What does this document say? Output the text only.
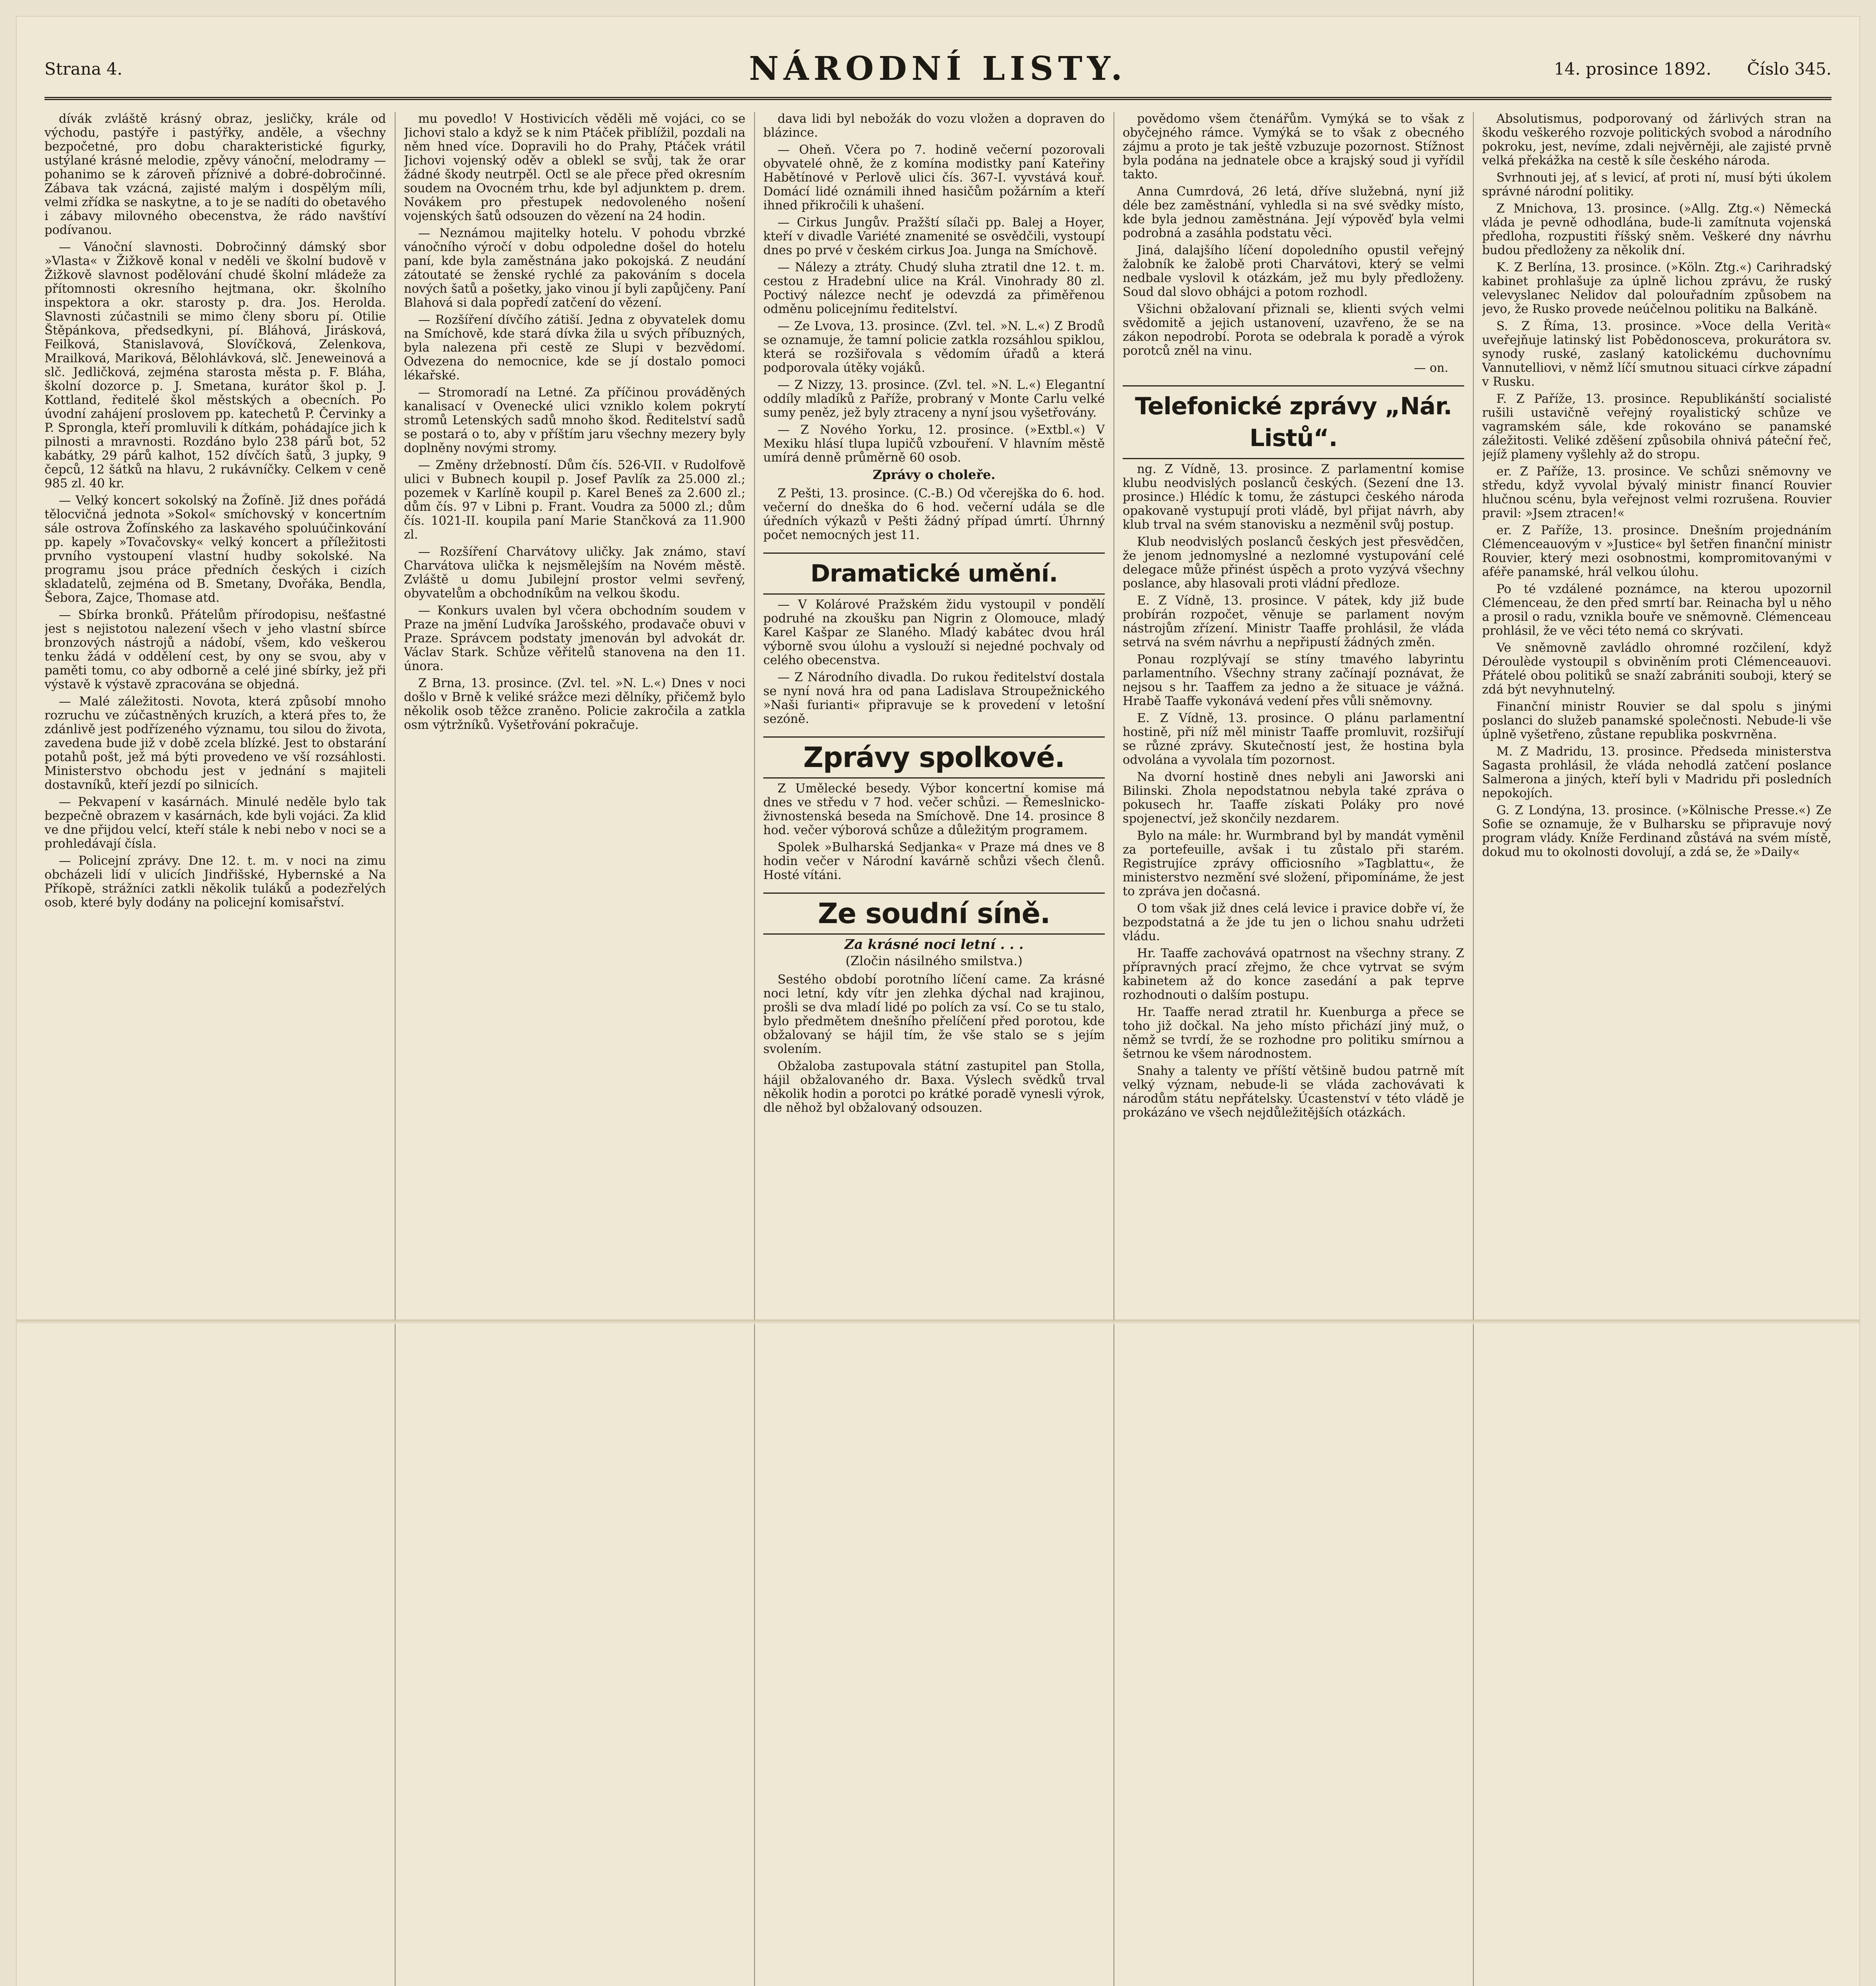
Strana 4.	NÁRODNÍ LISTY.	14. prosince 1892. Číslo 345.

dívák zvláště krásný obraz, jesličky, krále od východu, pastýře i pastýřky, anděle, a všechny bezpočetné, pro dobu charakteristické figurky, ustýlané krásné melodie, zpěvy vánoční, melodramy — pohanimo se k zároveň příznivé a dobré-dobročinné. Zábava tak vzácná, zajisté malým i dospělým míli, velmi zřídka se naskytne, a to je se nadíti do obetavého i zábavy milovného obecenstva, že rádo navštíví podívanou.

— Vánoční slavnosti. Dobročinný dámský sbor »Vlasta« v Žižkově konal v neděli ve školní budově v Žižkově slavnost podělování chudé školní mládeže za přítomnosti okresního hejtmana, okr. školního inspektora a okr. starosty p. dra. Jos. Herolda. Slavnosti zúčastnili se mimo členy sboru pí. Otilie Štěpánkova, předsedkyni, pí. Bláhová, Jirásková, Feilková, Stanislavová, Slovíčková, Zelenkova, Mrailková, Mariková, Bělohlávková, slč. Jeneweinová a slč. Jedličková, zejména starosta města p. F. Bláha, školní dozorce p. J. Smetana, kurátor škol p. J. Kottland, ředitelé škol městských a obecních. Po úvodní zahájení proslovem pp. katechetů P. Červinky a P. Sprongla, kteří promluvili k dítkám, pohádajíce jich k pilnosti a mravnosti. Rozdáno bylo 238 párů bot, 52 kabátky, 29 párů kalhot, 152 dívčích šatů, 3 jupky, 9 čepců, 12 šátků na hlavu, 2 rukávníčky. Celkem v ceně 985 zl. 40 kr.

— Velký koncert sokolský na Žofíně. Již dnes pořádá tělocvičná jednota »Sokol« smíchovský v koncertním sále ostrova Žofínského za laskavého spoluúčinkování pp. kapely »Tovačovsky« velký koncert a příležitosti prvního vystoupení vlastní hudby sokolské. Na programu jsou práce předních českých i cizích skladatelů, zejména od B. Smetany, Dvořáka, Bendla, Šebora, Zajce, Thomase atd.

— Sbírka bronků. Přátelům přírodopisu, nešťastné jest s nejistotou nalezení všech v jeho vlastní sbírce bronzových nástrojů a nádobí, všem, kdo veškerou tenku žádá v oddělení cest, by ony se svou, aby v paměti tomu, co aby odborně a celé jiné sbírky, jež při výstavě k výstavě zpracována se objedná.

— Malé záležitosti. Novota, která způsobí mnoho rozruchu ve zúčastněných kruzích, a která přes to, že zdánlivě jest podřízeného významu, tou silou do života, zavedena bude již v době zcela blízké. Jest to obstarání potahů pošt, jež má býti provedeno ve vší rozsáhlosti. Ministerstvo obchodu jest v jednání s majiteli dostavníků, kteří jezdí po silnicích.

— Pekvapení v kasárnách. Minulé neděle bylo tak bezpečně obrazem v kasárnách, kde byli vojáci. Za klid ve dne přijdou velcí, kteří stále k nebi nebo v noci se a prohledávají čísla.

— Policejní zprávy. Dne 12. t. m. v noci na zimu obcházeli lidí v ulicích Jindřišské, Hybernské a Na Příkopě, strážníci zatkli několik tuláků a podezřelých osob, které byly dodány na policejní komisařství.

mu povedlo! V Hostivicích věděli mě vojáci, co se Jichovi stalo a když se k nim Ptáček přiblížil, pozdali na něm hned více. Dopravili ho do Prahy, Ptáček vrátil Jichovi vojenský oděv a oblekl se svůj, tak že orar žádné škody neutrpěl. Octl se ale přece před okresním soudem na Ovocném trhu, kde byl adjunktem p. drem. Novákem pro přestupek nedovoleného nošení vojenských šatů odsouzen do vězení na 24 hodin.

— Neznámou majitelky hotelu. V pohodu vbrzké vánočního výročí v dobu odpoledne došel do hotelu paní, kde byla zaměstnána jako pokojská. Z neudání zátoutaté se ženské rychlé za pakováním s docela nových šatů a pošetky, jako vinou jí byli zapůjčeny. Paní Blahová si dala popředí zatčení do vězení.

— Rozšíření dívčího zátiší. Jedna z obyvatelek domu na Smíchově, kde stará dívka žila u svých příbuzných, byla nalezena při cestě ze Slupi v bezvědomí. Odvezena do nemocnice, kde se jí dostalo pomoci lékařské.

— Stromoradí na Letné. Za příčinou prováděných kanalisací v Ovenecké ulici vzniklo kolem pokrytí stromů Letenských sadů mnoho škod. Ředitelství sadů se postará o to, aby v příštím jaru všechny mezery byly doplněny novými stromy.

— Změny držebností. Dům čís. 526-VII. v Rudolfově ulici v Bubnech koupil p. Josef Pavlík za 25.000 zl.; pozemek v Karlíně koupil p. Karel Beneš za 2.600 zl.; dům čís. 97 v Libni p. Frant. Voudra za 5000 zl.; dům čís. 1021-II. koupila paní Marie Stančková za 11.900 zl.

— Rozšíření Charvátovy uličky. Jak známo, staví Charvátova ulička k nejsmělejším na Novém městě. Zvláště u domu Jubilejní prostor velmi sevřený, obyvatelům a obchodníkům na velkou škodu.

— Konkurs uvalen byl včera obchodním soudem v Praze na jmění Ludvíka Jarošského, prodavače obuvi v Praze. Správcem podstaty jmenován byl advokát dr. Václav Stark. Schůze věřitelů stanovena na den 11. února.

Z Brna, 13. prosince. (Zvl. tel. »N. L.«) Dnes v noci došlo v Brně k veliké srážce mezi dělníky, přičemž bylo několik osob těžce zraněno. Policie zakročila a zatkla osm výtržníků. Vyšetřování pokračuje.

dava lidi byl nebožák do vozu vložen a dopraven do blázince.

— Oheň. Včera po 7. hodině večerní pozorovali obyvatelé ohně, že z komína modistky paní Kateřiny Habětínové v Perlově ulici čís. 367-I. vyvstává kouř. Domácí lidé oznámili ihned hasičům požárním a kteří ihned přikročili k uhašení.

— Cirkus Jungův. Pražští sílači pp. Balej a Hoyer, kteří v divadle Variété znamenité se osvědčili, vystoupí dnes po prvé v českém cirkus Joa. Junga na Smíchově.

— Nálezy a ztráty. Chudý sluha ztratil dne 12. t. m. cestou z Hradební ulice na Král. Vinohrady 80 zl. Poctivý nálezce nechť je odevzdá za přiměřenou odměnu policejnímu ředitelství.

— Ze Lvova, 13. prosince. (Zvl. tel. »N. L.«) Z Brodů se oznamuje, že tamní policie zatkla rozsáhlou spiklou, která se rozšiřovala s vědomím úřadů a která podporovala útěky vojáků.

— Z Nizzy, 13. prosince. (Zvl. tel. »N. L.«) Elegantní oddíly mladíků z Paříže, probraný v Monte Carlu velké sumy peněz, jež byly ztraceny a nyní jsou vyšetřovány.

— Z Nového Yorku, 12. prosince. (»Extbl.«) V Mexiku hlásí tlupa lupičů vzbouření. V hlavním městě umírá denně průměrně 60 osob.

Zprávy o choleře.

Z Pešti, 13. prosince. (C.-B.) Od včerejška do 6. hod. večerní do dneška do 6 hod. večerní udála se dle úředních výkazů v Pešti žádný případ úmrtí. Úhrnný počet nemocných jest 11.

Dramatické umění.

— V Kolárové Pražském židu vystoupil v pondělí podruhé na zkoušku pan Nigrin z Olomouce, mladý Karel Kašpar ze Slaného. Mladý kabátec dvou hrál výborně svou úlohu a vyslouží si nejedné pochvaly od celého obecenstva.

— Z Národního divadla. Do rukou ředitelství dostala se nyní nová hra od pana Ladislava Stroupežnického »Naši furianti« připravuje se k provedení v letošní sezóně.

Zprávy spolkové.

Z Umělecké besedy. Výbor koncertní komise má dnes ve středu v 7 hod. večer schůzi. — Řemeslnicko-živnostenská beseda na Smíchově. Dne 14. prosince 8 hod. večer výborová schůze a důležitým programem.

Spolek »Bulharská Sedjanka« v Praze má dnes ve 8 hodin večer v Národní kavárně schůzi všech členů. Hosté vítáni.

Ze soudní síně.
Za krásné noci letní . . .
(Zločin násilného smilstva.)

Sestého období porotního líčení came. Za krásné noci letní, kdy vítr jen zlehka dýchal nad krajinou, prošli se dva mladí lidé po polích za vsí. Co se tu stalo, bylo předmětem dnešního přelíčení před porotou, kde obžalovaný se hájil tím, že vše stalo se s jejím svolením.

Obžaloba zastupovala státní zastupitel pan Stolla, hájil obžalovaného dr. Baxa. Výslech svědků trval několik hodin a porotci po krátké poradě vynesli výrok, dle něhož byl obžalovaný odsouzen.

povědomo všem čtenářům. Vymýká se to však z obyčejného rámce. Vymýká se to však z obecného zájmu a proto je tak ještě vzbuzuje pozornost. Stížnost byla podána na jednatele obce a krajský soud ji vyřídil takto.

Anna Cumrdová, 26 letá, dříve služebná, nyní již déle bez zaměstnání, vyhledla si na své svědky místo, kde byla jednou zaměstnána. Její výpověď byla velmi podrobná a zasáhla podstatu věci.

Jiná, dalajšího líčení dopoledního opustil veřejný žalobník ke žalobě proti Charvátovi, který se velmi nedbale vyslovil k otázkám, jež mu byly předloženy. Soud dal slovo obhájci a potom rozhodl.

Všichni obžalovaní přiznali se, klienti svých velmi svědomitě a jejich ustanovení, uzavřeno, že se na zákon nepodrobí. Porota se odebrala k poradě a výrok porotců zněl na vinu.

— on.
Telefonické zprávy „Nár. Listů“.

ng. Z Vídně, 13. prosince. Z parlamentní komise klubu neodvislých poslanců českých. (Sezení dne 13. prosince.) Hlédíc k tomu, že zástupci českého národa opakovaně vystupují proti vládě, byl přijat návrh, aby klub trval na svém stanovisku a nezměnil svůj postup.

Klub neodvislých poslanců českých jest přesvědčen, že jenom jednomyslné a nezlomné vystupování celé delegace může přinést úspěch a proto vyzývá všechny poslance, aby hlasovali proti vládní předloze.

E. Z Vídně, 13. prosince. V pátek, kdy již bude probírán rozpočet, věnuje se parlament novým nástrojům zřízení. Ministr Taaffe prohlásil, že vláda setrvá na svém návrhu a nepřipustí žádných změn.

Ponau rozplývají se stíny tmavého labyrintu parlamentního. Všechny strany začínají poznávat, že nejsou s hr. Taaffem za jedno a že situace je vážná. Hrabě Taaffe vykonává vedení přes vůli sněmovny.

E. Z Vídně, 13. prosince. O plánu parlamentní hostině, při níž měl ministr Taaffe promluvit, rozšiřují se různé zprávy. Skutečností jest, že hostina byla odvolána a vyvolala tím pozornost.

Na dvorní hostině dnes nebyli ani Jaworski ani Bilinski. Zhola nepodstatnou nebyla také zpráva o pokusech hr. Taaffe získati Poláky pro nové spojenectví, jež skončily nezdarem.

Bylo na mále: hr. Wurmbrand byl by mandát vyměnil za portefeuille, avšak i tu zůstalo při starém. Registrujíce zprávy officiosního »Tagblattu«, že ministerstvo nezmění své složení, připomínáme, že jest to zpráva jen dočasná.

O tom však již dnes celá levice i pravice dobře ví, že bezpodstatná a že jde tu jen o lichou snahu udržeti vládu.

Hr. Taaffe zachovává opatrnost na všechny strany. Z přípravných prací zřejmo, že chce vytrvat se svým kabinetem až do konce zasedání a pak teprve rozhodnouti o dalším postupu.

Hr. Taaffe nerad ztratil hr. Kuenburga a přece se toho již dočkal. Na jeho místo přichází jiný muž, o němž se tvrdí, že se rozhodne pro politiku smírnou a šetrnou ke všem národnostem.

Snahy a talenty ve příští většině budou patrně mít velký význam, nebude-li se vláda zachovávati k národům státu nepřátelsky. Úcastenství v této vládě je prokázáno ve všech nejdůležitějších otázkách.

Absolutismus, podporovaný od žárlivých stran na škodu veškerého rozvoje politických svobod a národního pokroku, jest, nevíme, zdali nejvěrněji, ale zajisté prvně velká překážka na cestě k síle českého národa.

Svrhnouti jej, ať s levicí, ať proti ní, musí býti úkolem správné národní politiky.

Z Mnichova, 13. prosince. (»Allg. Ztg.«) Německá vláda je pevně odhodlána, bude-li zamítnuta vojenská předloha, rozpustiti říšský sněm. Veškeré dny návrhu budou předloženy za několik dní.

K. Z Berlína, 13. prosince. (»Köln. Ztg.«) Carihradský kabinet prohlašuje za úplně lichou zprávu, že ruský velevyslanec Nelidov dal polouřadním způsobem na jevo, že Rusko provede neúčelnou politiku na Balkáně.

S. Z Říma, 13. prosince. »Voce della Verità« uveřejňuje latinský list Pobědonosceva, prokurátora sv. synody ruské, zaslaný katolickému duchovnímu Vannutelliovi, v němž líčí smutnou situaci církve západní v Rusku.

F. Z Paříže, 13. prosince. Republikánští socialisté rušili ustavičně veřejný royalistický schůze ve vagramském sále, kde rokováno se panamské záležitosti. Veliké zděšení způsobila ohnivá páteční řeč, jejíž plameny vyšlehly až do stropu.

er. Z Paříže, 13. prosince. Ve schůzi sněmovny ve středu, když vyvolal bývalý ministr financí Rouvier hlučnou scénu, byla veřejnost velmi rozrušena. Rouvier pravil: »Jsem ztracen!«

er. Z Paříže, 13. prosince. Dnešním projednáním Clémenceauovým v »Justice« byl šetřen finanční ministr Rouvier, který mezi osobnostmi, kompromitovanými v aféře panamské, hrál velkou úlohu.

Po té vzdálené poznámce, na kterou upozornil Clémenceau, že den před smrtí bar. Reinacha byl u něho a prosil o radu, vznikla bouře ve sněmovně. Clémenceau prohlásil, že ve věci této nemá co skrývati.

Ve sněmovně zavládlo ohromné rozčilení, když Déroulède vystoupil s obviněním proti Clémenceauovi. Přátelé obou politiků se snaží zabrániti souboji, který se zdá být nevyhnutelný.

Finanční ministr Rouvier se dal spolu s jinými poslanci do služeb panamské společnosti. Nebude-li vše úplně vyšetřeno, zůstane republika poskvrněna.

M. Z Madridu, 13. prosince. Předseda ministerstva Sagasta prohlásil, že vláda nehodlá zatčení poslance Salmerona a jiných, kteří byli v Madridu při posledních nepokojích.

G. Z Londýna, 13. prosince. (»Kölnische Presse.«) Ze Sofie se oznamuje, že v Bulharsku se připravuje nový program vlády. Kníže Ferdinand zůstává na svém místě, dokud mu to okolnosti dovolují, a zdá se, že »Daily«
